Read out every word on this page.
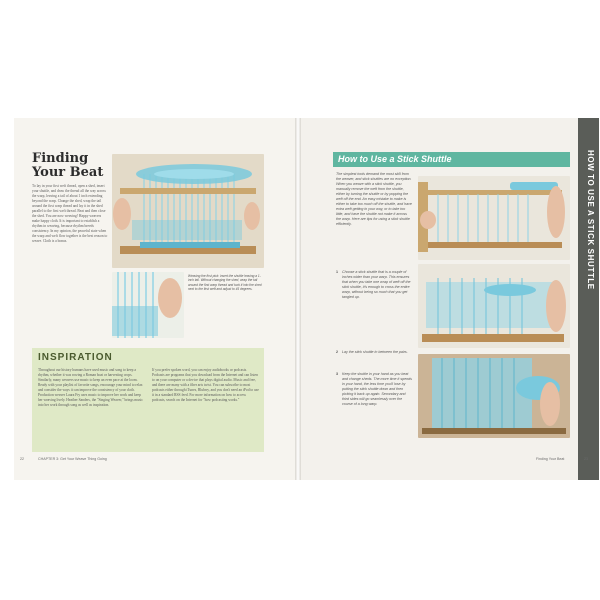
Finding Your Beat

To lay in your first weft thread, open a shed, insert your shuttle, and draw the thread all the way across the warp, leaving a tail of about 1 inch extending beyond the warp. Change the shed, wrap the tail around the first warp thread and lay it in the shed parallel to the first weft thread. Beat and then close the shed. You are now weaving! Happy weavers make happy cloth. It is important to establish a rhythm in weaving, because rhythm breeds consistency. In my opinion, the peaceful state when the warp and weft flow together is the best reason to weave. Cloth is a bonus.

Weaving the first pick: insert the shuttle leaving a 1-inch tail. Without changing the shed, wrap the tail around the first warp thread and tuck it into the shed next to the first weft and adjust to 45 degrees.

INSPIRATION

Throughout our history humans have used music and song to keep a rhythm, whether it was rowing a Roman boat or harvesting crops. Similarly, many weavers use music to keep an even pace at the loom. Ready with your playlist of favorite songs, encourage your mind to relax and consider the ways it can improve the consistency of your cloth. Production weaver Laura Fry uses music to improve her work and keep her weaving lively. Heather Sanders, the "Singing Weaver," brings music into her work through song as well as inspiration.

If you prefer spoken word, you can enjoy audiobooks or podcasts. Podcasts are programs that you download from the Internet and can listen to on your computer or a device that plays digital audio. Music and free, and there are many with a fiber arts twist. You can subscribe to most podcasts either through iTunes, Blubrry, and you don't need an iPod to use it in a standard RSS feed. For more information on how to access podcasts, search on the Internet for "how podcasting works."

22	CHAPTER 3: Get Your Weave Thing Going
HOW TO USE A STICK SHUTTLE
How to Use a Stick Shuttle

The simplest tools demand the most skill from the weaver, and stick shuttles are no exception. When you weave with a stick shuttle, you manually remove the weft from the shuttle, either by turning the shuttle or by popping the weft off the end. An easy mistake to make is either to take too much off the shuttle, and have extra weft getting in your way, or to take too little, and have the shuttle not make it across the warp. Here are tips for using a stick shuttle efficiently.

1	Choose a stick shuttle that is a couple of inches wider than your warp. This ensures that when you take one wrap of weft off the stick shuttle, it's enough to cross the entire warp, without being so much that you get tangled up.

2	Lay the stick shuttle in between the pairs.

3	Keep the shuttle in your hand as you beat and change sheds. The more time it spends in your hand, the less time you'll lose by putting the stick shuttle down and then picking it back up again. Secondary and third sides will go seamlessly over the course of a long warp.

Finding Your Beat	23
